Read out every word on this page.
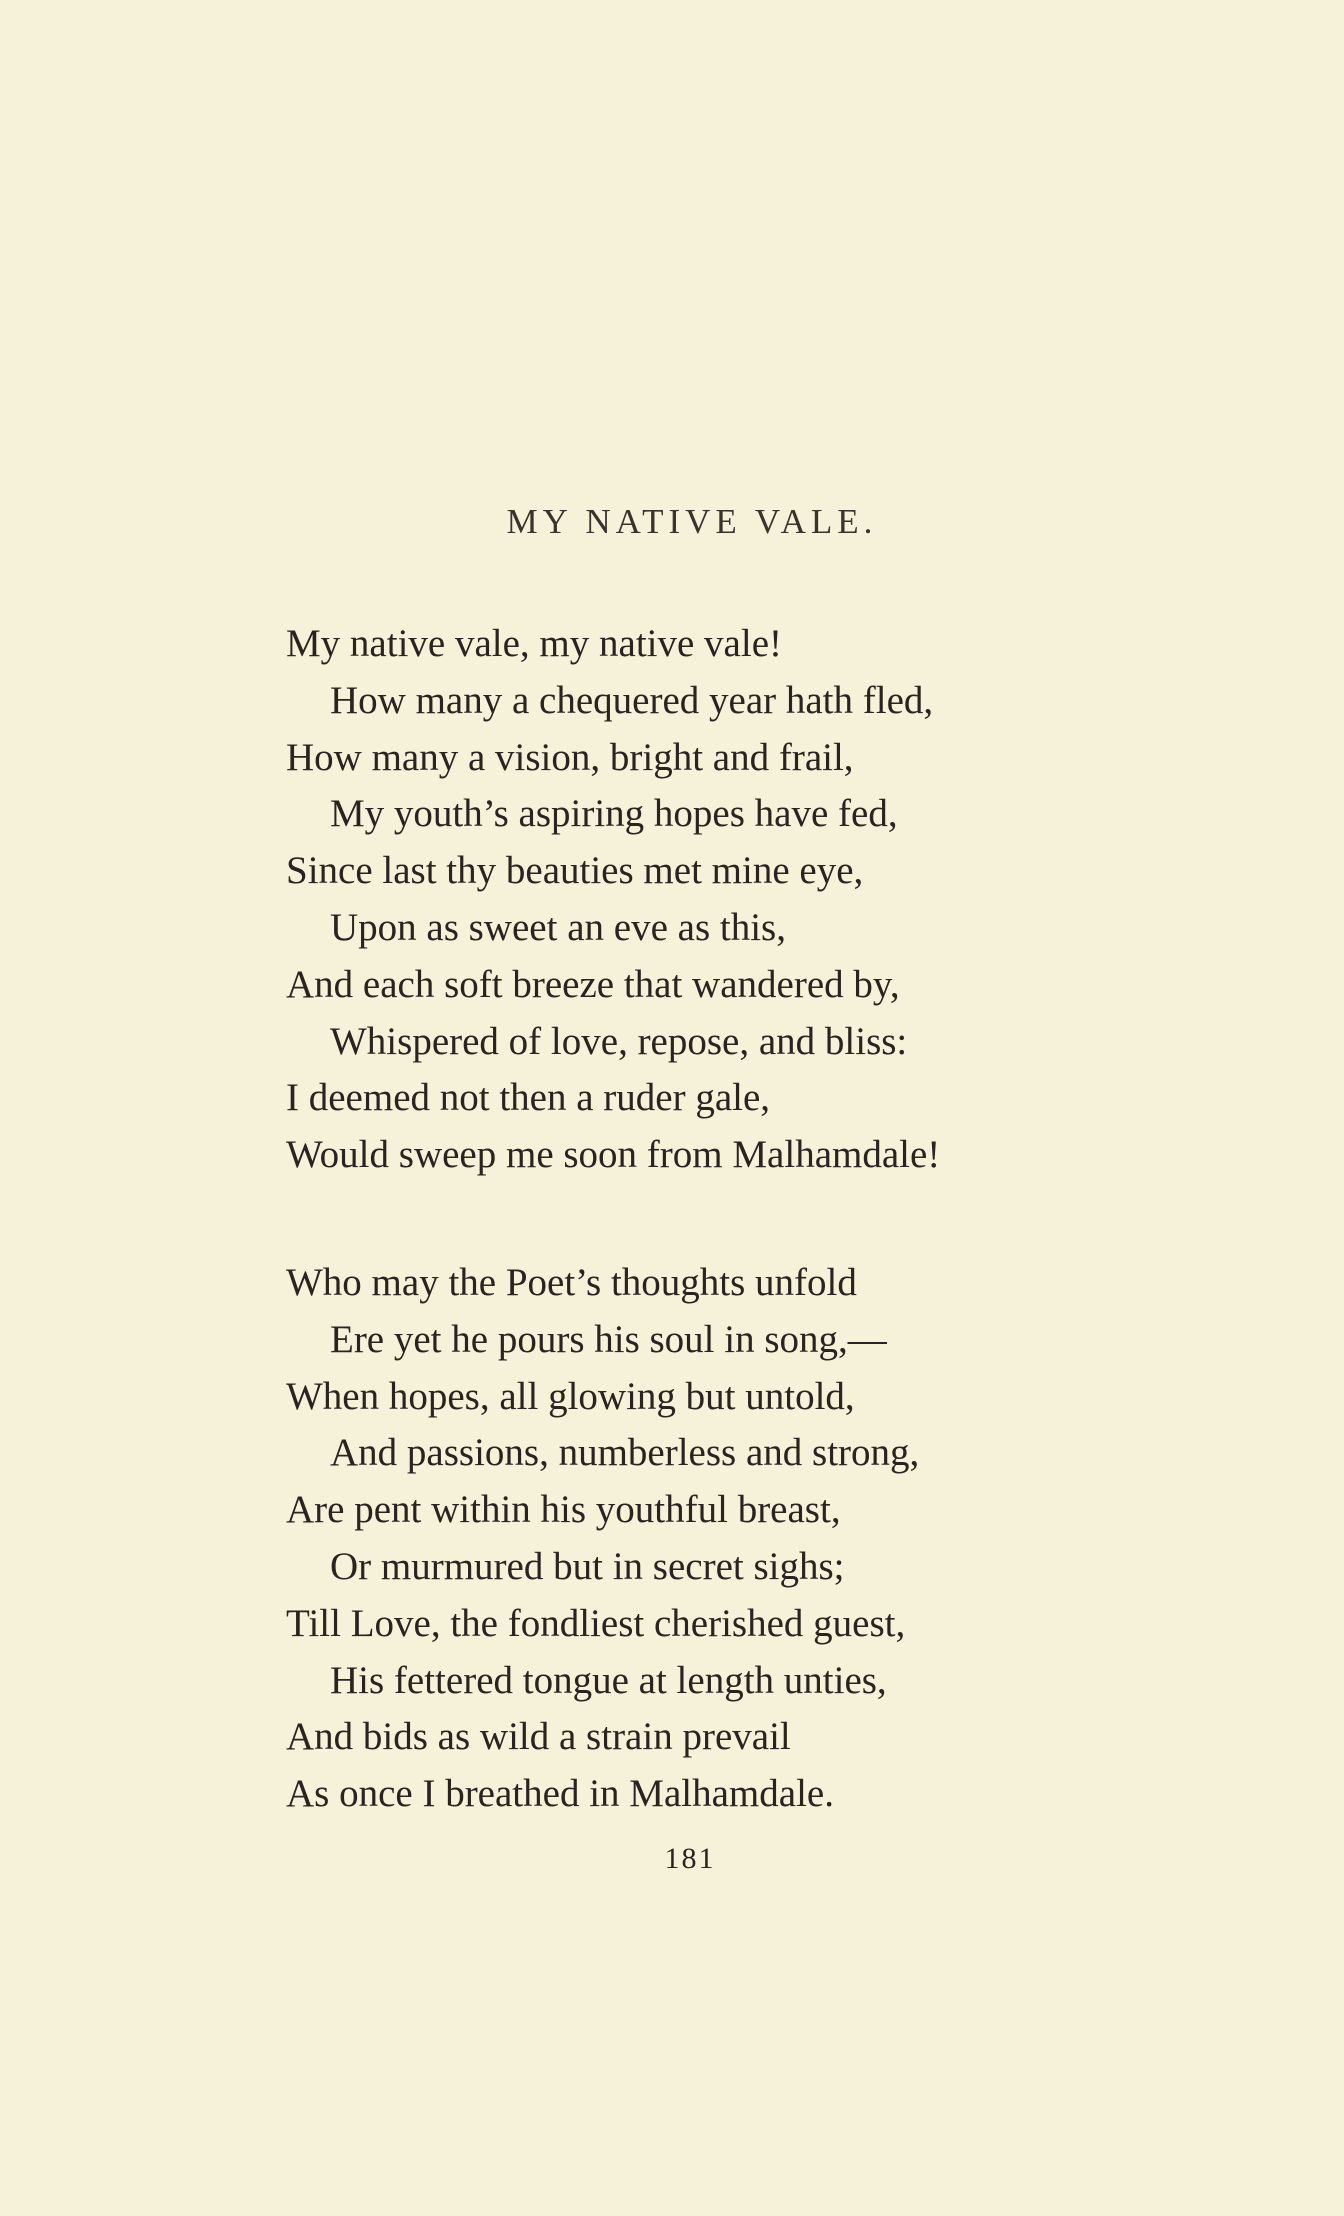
MY NATIVE VALE.
My native vale, my native vale!
How many a chequered year hath fled,
How many a vision, bright and frail,
My youth’s aspiring hopes have fed,
Since last thy beauties met mine eye,
Upon as sweet an eve as this,
And each soft breeze that wandered by,
Whispered of love, repose, and bliss:
I deemed not then a ruder gale,
Would sweep me soon from Malhamdale!
Who may the Poet’s thoughts unfold
Ere yet he pours his soul in song,—
When hopes, all glowing but untold,
And passions, numberless and strong,
Are pent within his youthful breast,
Or murmured but in secret sighs;
Till Love, the fondliest cherished guest,
His fettered tongue at length unties,
And bids as wild a strain prevail
As once I breathed in Malhamdale.
181
